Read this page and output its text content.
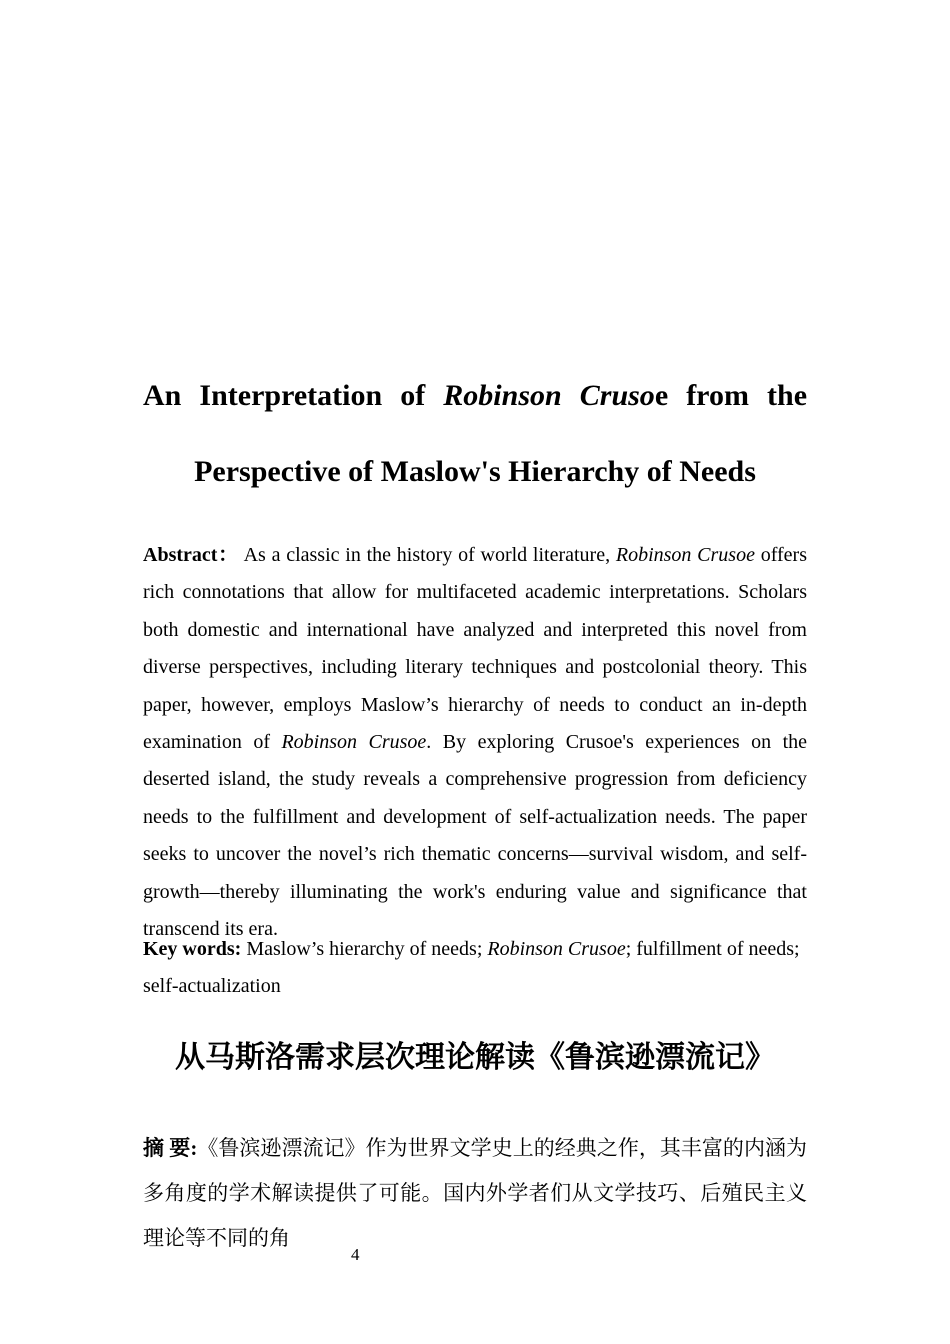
An Interpretation of Robinson Crusoe from the
Perspective of Maslow's Hierarchy of Needs
Abstract： As a classic in the history of world literature, Robinson Crusoe offers rich connotations that allow for multifaceted academic interpretations. Scholars both domestic and international have analyzed and interpreted this novel from diverse perspectives, including literary techniques and postcolonial theory. This paper, however, employs Maslow’s hierarchy of needs to conduct an in-depth examination of Robinson Crusoe. By exploring Crusoe's experiences on the deserted island, the study reveals a comprehensive progression from deficiency needs to the fulfillment and development of self-actualization needs. The paper seeks to uncover the novel’s rich thematic concerns—survival wisdom, and self-growth—thereby illuminating the work's enduring value and significance that transcend its era.
Key words: Maslow’s hierarchy of needs; Robinson Crusoe; fulfillment of needs; self-actualization
从马斯洛需求层次理论解读《鲁滨逊漂流记》
摘 要:《鲁滨逊漂流记》作为世界文学史上的经典之作，其丰富的内涵为多角度的学术解读提供了可能。国内外学者们从文学技巧、后殖民主义理论等不同的角
4
